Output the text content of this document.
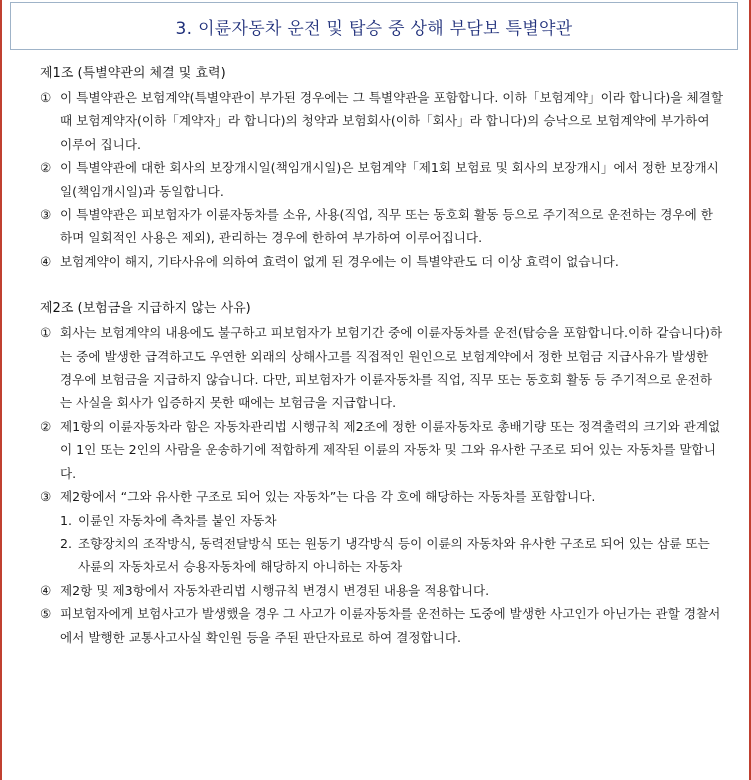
3. 이륜자동차 운전 및 탑승 중 상해 부담보 특별약관

제1조 (특별약관의 체결 및 효력)

① 이 특별약관은 보험계약(특별약관이 부가된 경우에는 그 특별약관을 포함합니다. 이하「보험계약」이라 합니다)을 체결할 때 보험계약자(이하「계약자」라 합니다)의 청약과 보험회사(이하「회사」라 합니다)의 승낙으로 보험계약에 부가하여 이루어 집니다.

② 이 특별약관에 대한 회사의 보장개시일(책임개시일)은 보험계약「제1회 보험료 및 회사의 보장개시」에서 정한 보장개시일(책임개시일)과 동일합니다.

③ 이 특별약관은 피보험자가 이륜자동차를 소유, 사용(직업, 직무 또는 동호회 활동 등으로 주기적으로 운전하는 경우에 한하며 일회적인 사용은 제외), 관리하는 경우에 한하여 부가하여 이루어집니다.

④ 보험계약이 해지, 기타사유에 의하여 효력이 없게 된 경우에는 이 특별약관도 더 이상 효력이 없습니다.

제2조 (보험금을 지급하지 않는 사유)

① 회사는 보험계약의 내용에도 불구하고 피보험자가 보험기간 중에 이륜자동차를 운전(탑승을 포함합니다.이하 같습니다)하는 중에 발생한 급격하고도 우연한 외래의 상해사고를 직접적인 원인으로 보험계약에서 정한 보험금 지급사유가 발생한 경우에 보험금을 지급하지 않습니다. 다만, 피보험자가 이륜자동차를 직업, 직무 또는 동호회 활동 등 주기적으로 운전하는 사실을 회사가 입증하지 못한 때에는 보험금을 지급합니다.

② 제1항의 이륜자동차라 함은 자동차관리법 시행규칙 제2조에 정한 이륜자동차로 총배기량 또는 정격출력의 크기와 관계없이 1인 또는 2인의 사람을 운송하기에 적합하게 제작된 이륜의 자동차 및 그와 유사한 구조로 되어 있는 자동차를 말합니다.

③ 제2항에서 “그와 유사한 구조로 되어 있는 자동차”는 다음 각 호에 해당하는 자동차를 포함합니다.

1. 이륜인 자동차에 측차를 붙인 자동차

2. 조향장치의 조작방식, 동력전달방식 또는 원동기 냉각방식 등이 이륜의 자동차와 유사한 구조로 되어 있는 삼륜 또는 사륜의 자동차로서 승용자동차에 해당하지 아니하는 자동차

④ 제2항 및 제3항에서 자동차관리법 시행규칙 변경시 변경된 내용을 적용합니다.

⑤ 피보험자에게 보험사고가 발생했을 경우 그 사고가 이륜자동차를 운전하는 도중에 발생한 사고인가 아닌가는 관할 경찰서에서 발행한 교통사고사실 확인원 등을 주된 판단자료로 하여 결정합니다.
